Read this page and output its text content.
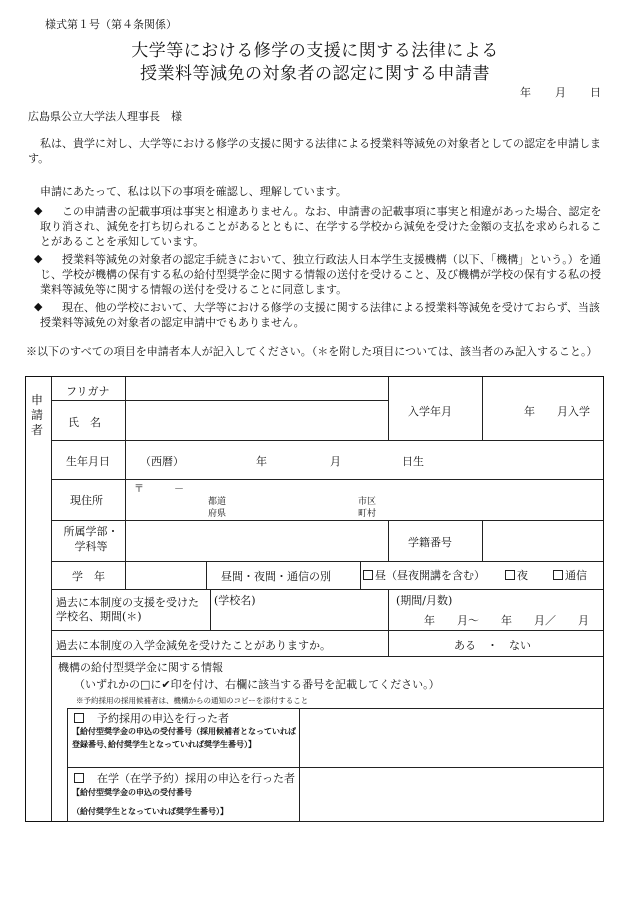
様式第１号（第４条関係）
大学等における修学の支援に関する法律による
授業料等減免の対象者の認定に関する申請書
年 月 日
広島県公立大学法人理事長　様
私は、貴学に対し、大学等における修学の支援に関する法律による授業料等減免の対象者としての認定を申請します。
申請にあたって、私は以下の事項を確認し、理解しています。
◆	この申請書の記載事項は事実と相違ありません。なお、申請書の記載事項に事実と相違があった場合、認定を取り消され、減免を打ち切られることがあるとともに、在学する学校から減免を受けた金額の支払を求められることがあることを承知しています。
◆	授業料等減免の対象者の認定手続きにおいて、独立行政法人日本学生支援機構（以下、「機構」という。）を通じ、学校が機構の保有する私の給付型奨学金に関する情報の送付を受けること、及び機構が学校の保有する私の授業料等減免等に関する情報の送付を受けることに同意します。
◆	現在、他の学校において、大学等における修学の支援に関する法律による授業料等減免を受けておらず、当該授業料等減免の対象者の認定申請中でもありません。
※以下のすべての項目を申請者本人が記入してください。（＊を附した項目については、該当者のみ記入すること。）
申請者
フリガナ
氏　名
入学年月	年　　月入学
生年月日	（西暦）	年	月	日生
現住所
〒　　　－
都道
府県
市区
町村
所属学部・学科等	学籍番号
学　年	昼間・夜間・通信の別	昼（昼夜開講を含む）	夜	通信
過去に本制度の支援を受けた学校名、期間(＊)
(学校名)	(期間/月数)
年　　月～　　年　　月／　　月
過去に本制度の入学金減免を受けたことがありますか。	ある　・　ない
機構の給付型奨学金に関する情報
（いずれかの□に✔印を付け、右欄に該当する番号を記載してください。）
※予約採用の採用候補者は、機構からの通知のコピーを添付すること
　予約採用の申込を行った者
【給付型奨学金の申込の受付番号（採用候補者となっていれば登録番号､給付奨学生となっていれば奨学生番号）】
　在学（在学予約）採用の申込を行った者
【給付型奨学金の申込の受付番号
（給付奨学生となっていれば奨学生番号）】
